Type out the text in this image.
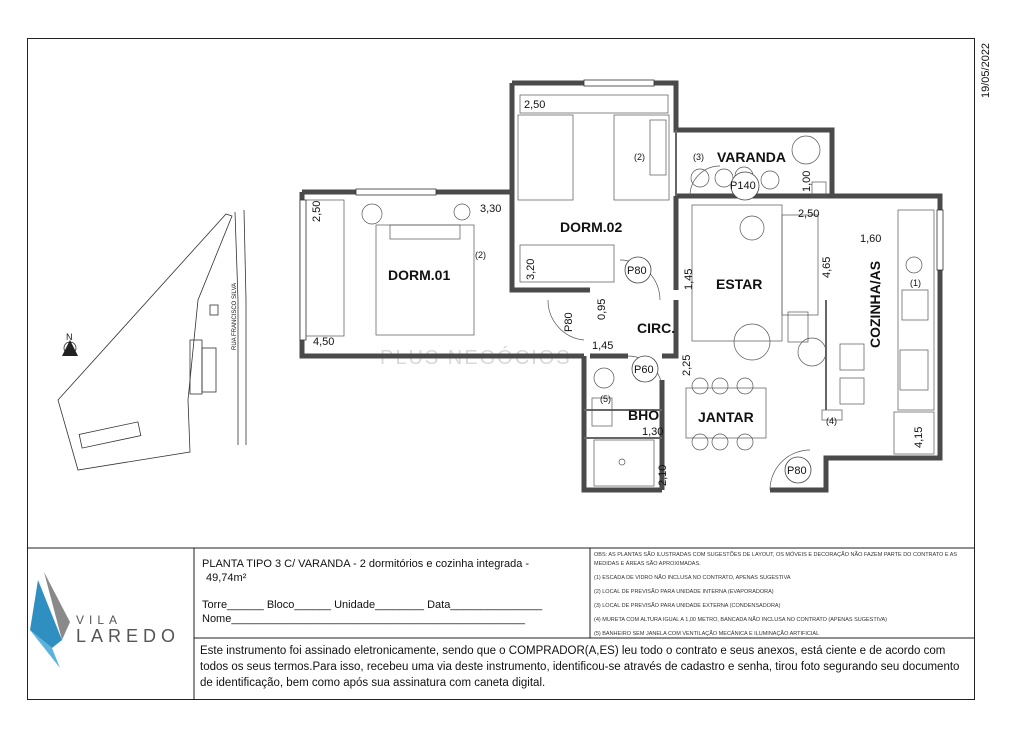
19/05/2022
RUA FRANCISCO SILVA
N
PLUS NEGÓCIOS
DORM.01
DORM.02
VARANDA
ESTAR
CIRC.	COZINHA/AS
BHO	JANTAR
2,50
2,50	3,30
3,20
4,50
0,95
1,45
1,45
1,00
2,50
4,65
1,60
2,25
1,30
2,10
4,15
P80
P80
P60
P140
P80
(1)
(2)
(2)	(3)
(4)
(5)
VILA
LAREDO
PLANTA TIPO 3 C/ VARANDA - 2 dormitórios e cozinha integrada -
49,74m²
Torre______ Bloco______ Unidade________ Data_______________
Nome________________________________________________
OBS: AS PLANTAS SÃO ILUSTRADAS COM SUGESTÕES DE LAYOUT, OS MÓVEIS E DECORAÇÃO NÃO FAZEM PARTE DO CONTRATO E AS MEDIDAS E ÁREAS SÃO APROXIMADAS.
(1) ESCADA DE VIDRO NÃO INCLUSA NO CONTRATO, APENAS SUGESTIVA
(2) LOCAL DE PREVISÃO PARA UNIDADE INTERNA (EVAPORADORA)
(3) LOCAL DE PREVISÃO PARA UNIDADE EXTERNA (CONDENSADORA)
(4) MURETA COM ALTURA IGUAL A 1,00 METRO, BANCADA NÃO INCLUSA NO CONTRATO (APENAS SUGESTIVA)
(5) BANHEIRO SEM JANELA COM VENTILAÇÃO MECÂNICA E ILUMINAÇÃO ARTIFICIAL
Este instrumento foi assinado eletronicamente, sendo que o COMPRADOR(A,ES) leu todo o contrato e seus anexos, está ciente e de acordo com todos os seus termos.Para isso, recebeu uma via deste instrumento, identificou-se através de cadastro e senha, tirou foto segurando seu documento de identificação, bem como após sua assinatura com caneta digital.
